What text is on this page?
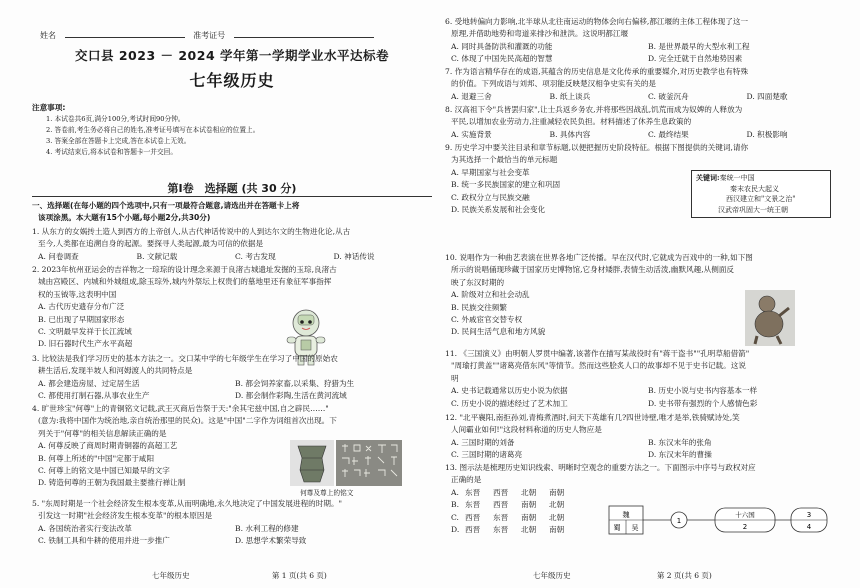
姓名	准考证号
交口县 2023 － 2024 学年第一学期学业水平达标卷
七年级历史
注意事项:
1. 本试卷共6页,满分100分,考试时间90分钟。
2. 答卷前,考生务必将自己的姓名,准考证号填写在本试卷相应的位置上。
3. 答案全部在答题卡上完成,答在本试卷上无效。
4. 考试结束后,将本试卷和答题卡一并交回。
第Ⅰ卷　选择题 (共 30 分)
一、选择题(在每小题的四个选项中,只有一项最符合题意,请选出并在答题卡上将
该项涂黑。本大题有15个小题,每小题2分,共30分)
1. 从东方的女娲抟土造人到西方的上帝创人,从古代神话传说中的人到达尔文的生物进化论,从古
至今,人类都在追溯自身的起源。要探寻人类起源,最为可信的依据是
A. 问卷调查	B. 文献记载	C. 考古发现	D. 神话传说
2. 2023年杭州亚运会的吉祥物之一琮琮的设计理念来源于良渚古城遗址发掘的玉琮,良渚古
城由宫殿区、内城和外城组成,除玉琮外,城内外祭坛上权贵们的墓地里还有象征军事指挥
权的玉钺等,这表明中国
A. 古代历史遗存分布广泛
B. 已出现了早期国家形态
C. 文明最早发祥于长江流域
D. 旧石器时代生产水平高超
3. 比较法是我们学习历史的基本方法之一。交口某中学的七年级学生在学习了中国的原始农
耕生活后,发现半坡人和河姆渡人的共同特点是
A. 都会建造房屋、过定居生活	B. 都会饲养家畜,以采集、狩猎为生
C. 都使用打制石器,从事农业生产	D. 都会制作彩陶,生活在黄河流域
4. 旷世珍宝"何尊"上的青铜铭文记载,武王灭商后告祭于天:"余其宅兹中国,自之辟民……"
(意为:我将中国作为统治地,亲自统治那里的民众)。这是"中国"二字作为词组首次出现。下
列关于"何尊"的相关信息解读正确的是
A. 何尊反映了商周时期青铜器的高超工艺
B. 何尊上所述的"中国"定都于咸阳
C. 何尊上的铭文是中国已知最早的文字
D. 铸造何尊的王朝为我国最主要推行禅让制
何尊及尊上的铭文
5. "东周时期是一个社会经济发生根本变革,从而明确地,永久地决定了中国发展进程的时期。"
引发这一时期"社会经济发生根本变革"的根本原因是
A. 各国统治者实行变法改革	B. 水利工程的修建
C. 铁制工具和牛耕的使用并进一步推广	D. 思想学术繁荣导致
七年级历史	第 1 页(共 6 页)
6. 受地转偏向力影响,北半球从北往南运动的物体会向右偏移,都江堰的主体工程体现了这一
原理,并借助地势和弯道来排沙和泄洪。这说明都江堰
A. 同时具备防洪和灌溉的功能	B. 是世界最早的大型水利工程
C. 体现了中国先民高超的智慧	D. 完全迁就于自然地势因素
7. 作为语言精华存在的成语,其蕴含的历史信息是文化传承的重要媒介,对历史教学也有特殊
的价值。下列成语与刘邦、项羽能反映楚汉相争史实有关的是
A. 退避三舍	B. 纸上谈兵	C. 破釜沉舟	D. 四面楚歌
8. 汉高祖下令"兵皆罢归家",让士兵返乡务农,并将那些因战乱,饥荒而成为奴婢的人释放为
平民,以增加农业劳动力,注重减轻农民负担。材料描述了休养生息政策的
A. 实施背景	B. 具体内容	C. 最终结果	D. 积极影响
9. 历史学习中要关注目录和章节标题,以便把握历史阶段特征。根据下图提供的关键词,请你
为其选择一个最恰当的单元标题
A. 早期国家与社会变革
B. 统一多民族国家的建立和巩固
C. 政权分立与民族交融
D. 民族关系发展和社会变化
关键词:秦统一中国
秦末农民大起义
西汉建立和"文景之治"
汉武帝巩固大一统王朝
10. 说唱作为一种曲艺表演在世界各地广泛传播。早在汉代时,它就成为百戏中的一种,如下图
所示的说唱俑现珍藏于国家历史博物馆,它身材矮胖,表情生动活泼,幽默风趣,从侧面反
映了东汉时期的
A. 阶级对立和社会动乱
B. 民族交往频繁
C. 外戚宦官交替专权
D. 民间生活气息和地方风貌
11. 《三国演义》由明朝人罗贯中编著,该著作在描写某战役时有"蒋干盗书""孔明草船借箭"
"周瑜打黄盖""诸葛亮借东风"等情节。然而这些脍炙人口的故事却不见于史书记载。这说
明
A. 史书记载通常以历史小说为依据	B. 历史小说与史书内容基本一样
C. 历史小说的描述经过了艺术加工	D. 史书带有强烈的个人感情色彩
12. "北平襄阳,南拒孙刘,青梅煮酒时,问天下英雄有几?四世诗壁,唯才是举,铁骑赋诗处,笑
人间霸业如何!"这段材料称道的历史人物应是
A. 三国时期的刘备	B. 东汉末年的张角
C. 三国时期的诸葛亮	D. 东汉末年的曹操
13. 图示法是梳理历史知识线索、明晰时空观念的重要方法之一。下面图示中序号与政权对应
正确的是
A. 东晋	西晋	北朝	南朝
B. 东晋	西晋	南朝	北朝
C. 西晋	东晋	南朝	北朝
D. 西晋	东晋	北朝	南朝
魏
蜀 吴
1
十六国
2
3
4
七年级历史	第 2 页(共 6 页)
